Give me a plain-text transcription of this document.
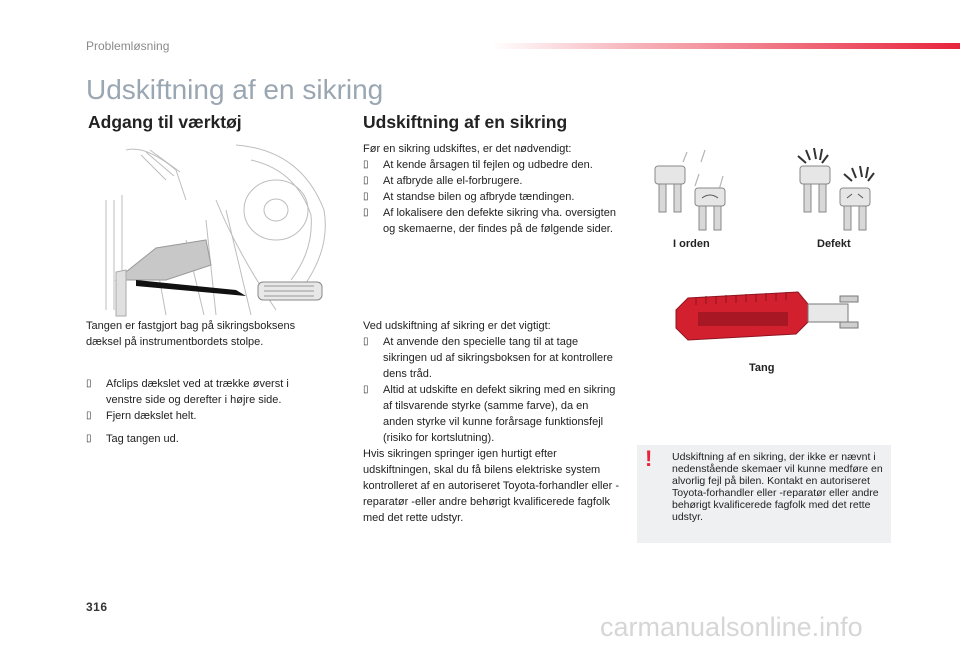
Problemløsning
Udskiftning af en sikring
Adgang til værktøj
Tangen er fastgjort bag på sikringsboksens dæksel på instrumentbordets stolpe.
▯ Afclips dækslet ved at trække øverst i venstre side og derefter i højre side.
▯ Fjern dækslet helt.
▯ Tag tangen ud.
Udskiftning af en sikring

Før en sikring udskiftes, er det nødvendigt:

▯ At kende årsagen til fejlen og udbedre den.
▯ At afbryde alle el-forbrugere.
▯ At standse bilen og afbryde tændingen.
▯ Af lokalisere den defekte sikring vha. oversigten og skemaerne, der findes på de følgende sider.

Ved udskiftning af sikring er det vigtigt:

▯ At anvende den specielle tang til at tage sikringen ud af sikringsboksen for at kontrollere dens tråd.
▯ Altid at udskifte en defekt sikring med en sikring af tilsvarende styrke (samme farve), da en anden styrke vil kunne forårsage funktionsfejl (risiko for kortslutning).

Hvis sikringen springer igen hurtigt efter udskiftningen, skal du få bilens elektriske system kontrolleret af en autoriseret Toyota-forhandler eller -reparatør -eller andre behørigt kvalificerede fagfolk med det rette udstyr.

I orden	Defekt
Tang
!	Udskiftning af en sikring, der ikke er nævnt i nedenstående skemaer vil kunne medføre en alvorlig fejl på bilen. Kontakt en autoriseret Toyota-forhandler eller -reparatør eller andre behørigt kvalificerede fagfolk med det rette udstyr.
316
carmanualsonline.info
